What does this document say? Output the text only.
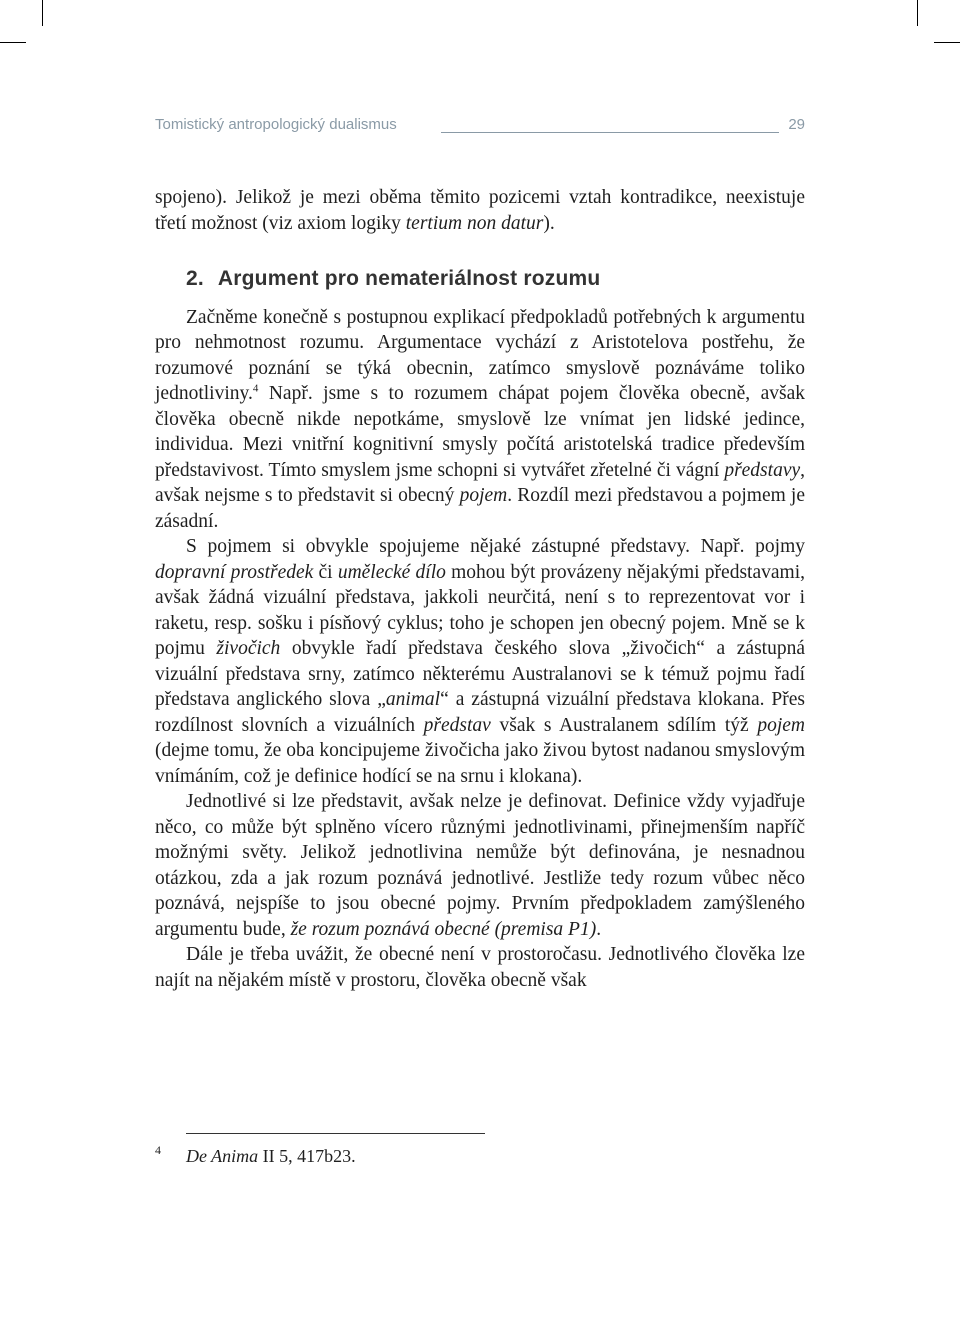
Tomistický antropologický dualismus	29

spojeno). Jelikož je mezi oběma těmito pozicemi vztah kontradikce, neexistuje třetí možnost (viz axiom logiky tertium non datur).

2. Argument pro nemateriálnost rozumu

Začněme konečně s postupnou explikací předpokladů potřebných k argumentu pro nehmotnost rozumu. Argumentace vychází z Aristotelova postřehu, že rozumové poznání se týká obecnin, zatímco smyslově poznáváme toliko jednotliviny.$^4$ Např. jsme s to rozumem chápat pojem člověka obecně, avšak člověka obecně nikde nepotkáme, smyslově lze vnímat jen lidské jedince, individua. Mezi vnitřní kognitivní smysly počítá aristotelská tradice především představivost. Tímto smyslem jsme schopni si vytvářet zřetelné či vágní představy, avšak nejsme s to představit si obecný pojem. Rozdíl mezi představou a pojmem je zásadní.

S pojmem si obvykle spojujeme nějaké zástupné představy. Např. pojmy dopravní prostředek či umělecké dílo mohou být provázeny nějakými představami, avšak žádná vizuální představa, jakkoli neurčitá, není s to reprezentovat vor i raketu, resp. sošku i písňový cyklus; toho je schopen jen obecný pojem. Mně se k pojmu živočich obvykle řadí představa českého slova „živočich“ a zástupná vizuální představa srny, zatímco některému Australanovi se k témuž pojmu řadí představa anglického slova „animal“ a zástupná vizuální představa klokana. Přes rozdílnost slovních a vizuálních představ však s Australanem sdílím týž pojem (dejme tomu, že oba koncipujeme živočicha jako živou bytost nadanou smyslovým vnímáním, což je definice hodící se na srnu i klokana).

Jednotlivé si lze představit, avšak nelze je definovat. Definice vždy vyjadřuje něco, co může být splněno vícero různými jednotlivinami, přinejmenším napříč možnými světy. Jelikož jednotlivina nemůže být definována, je nesnadnou otázkou, zda a jak rozum poznává jednotlivé. Jestliže tedy rozum vůbec něco poznává, nejspíše to jsou obecné pojmy. Prvním předpokladem zamýšleného argumentu bude, že rozum poznává obecné (premisa P1).

Dále je třeba uvážit, že obecné není v prostoročasu. Jednotlivého člověka lze najít na nějakém místě v prostoru, člověka obecně však

4 De Anima II 5, 417b23.
